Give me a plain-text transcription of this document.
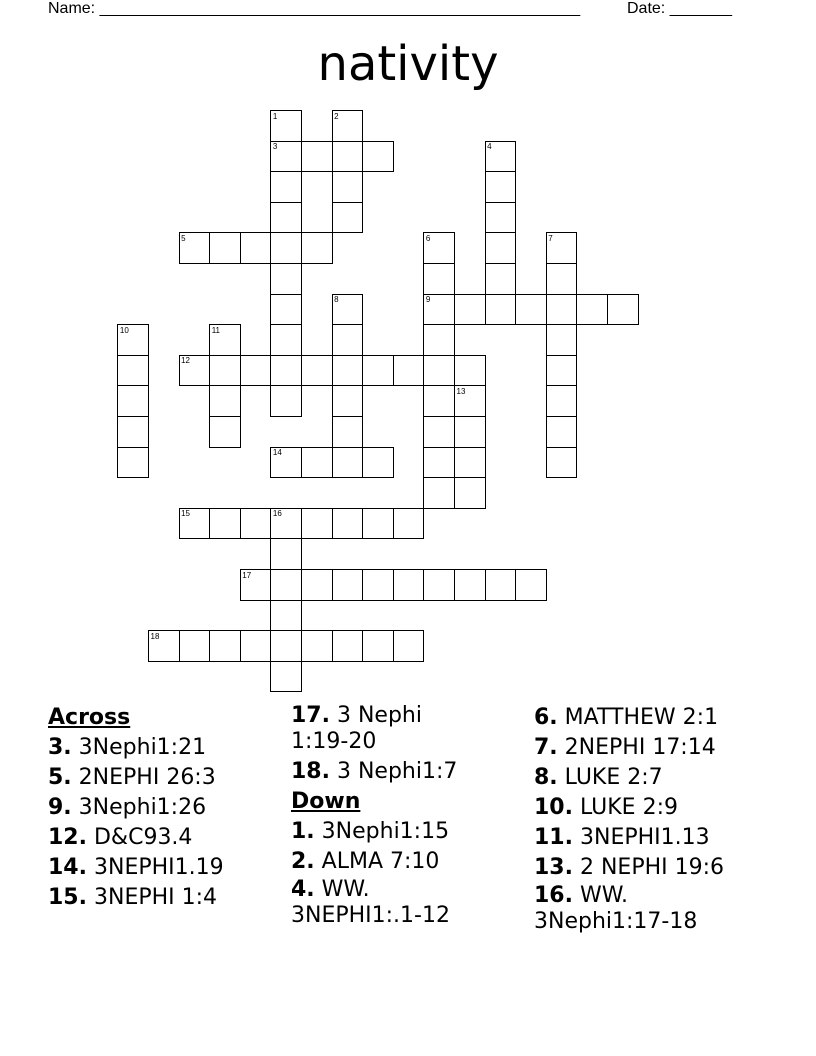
Name: ______________________________________________________	Date: _______
nativity
1	2
3	4
5	6	7
8	9
10	11
12
13
14
15	16
17
18
Across
3. 3Nephi1:21
5. 2NEPHI 26:3
9. 3Nephi1:26
12. D&C93.4
14. 3NEPHI1.19
15. 3NEPHI 1:4
17. 3 Nephi
1:19-20
18. 3 Nephi1:7
Down
1. 3Nephi1:15
2. ALMA 7:10
4. WW.
3NEPHI1:.1-12
6. MATTHEW 2:1
7. 2NEPHI 17:14
8. LUKE 2:7
10. LUKE 2:9
11. 3NEPHI1.13
13. 2 NEPHI 19:6
16. WW.
3Nephi1:17-18
